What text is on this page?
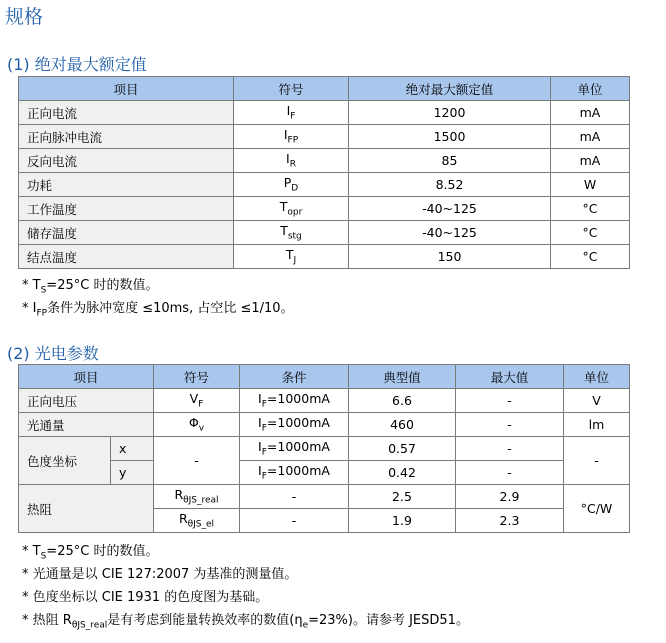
规格
(1) 绝对最大额定值
项目	符号	绝对最大额定值	单位
正向电流	$I_F$	1200	mA
正向脉冲电流	$I_{FP}$	1500	mA
反向电流	$I_R$	85	mA
功耗	$P_D$	8.52	W
工作温度	$T_{opr}$	-40~125	°C
储存温度	$T_{stg}$	-40~125	°C
结点温度	$T_J$	150	°C
* $T_S=25^\circ C$ 时的数值。
* $I_{FP}$条件为脉冲宽度 ≤10ms, 占空比 ≤1/10。
(2) 光电参数
项目		符号	条件	典型值	最大值	单位
正向电压		$V_F$	$I_F=1000mA$	6.6	-	V
光通量		$\Phi_v$	$I_F=1000mA$	460	-	lm
色度坐标	x	-	$I_F=1000mA$	0.57	-	-
	y		$I_F=1000mA$	0.42	-	
热阻		$R_{\theta JS\_real}$	-	2.5	2.9	°C/W
		$R_{\theta JS\_el}$	-	1.9	2.3	
* $T_S=25^\circ C$ 时的数值。
* 光通量是以 CIE 127:2007 为基准的测量值。
* 色度坐标以 CIE 1931 的色度图为基础。
* 热阻 $R_{\theta JS\_real}$是有考虑到能量转换效率的数值$(\eta_e=23\%)$。请参考 JESD51。
